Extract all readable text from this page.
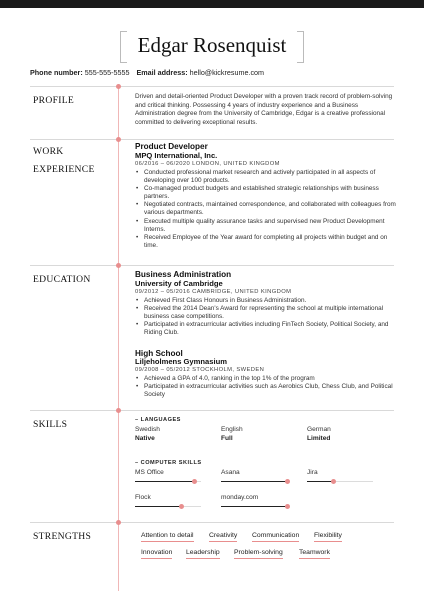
Edgar Rosenquist
Phone number: 555-555-5555 Email address: hello@kickresume.com
PROFILE	Driven and detail-oriented Product Developer with a proven track record of problem-solving and critical thinking. Possessing 4 years of industry experience and a Business Administration degree from the University of Cambridge, Edgar is a creative professional committed to delivering exceptional results.
WORK
EXPERIENCE
Product Developer
MPQ International, Inc.
06/2016 – 06/2020 LONDON, UNITED KINGDOM
• Conducted professional market research and actively participated in all aspects of developing over 100 products.
• Co-managed product budgets and established strategic relationships with business partners.
• Negotiated contracts, maintained correspondence, and collaborated with colleagues from various departments.
• Executed multiple quality assurance tasks and supervised new Product Development Interns.
• Received Employee of the Year award for completing all projects within budget and on time.
EDUCATION	Business Administration
University of Cambridge
09/2012 – 05/2016 CAMBRIDGE, UNITED KINGDOM
• Achieved First Class Honours in Business Administration.
• Received the 2014 Dean's Award for representing the school at multiple international business case competitions.
• Participated in extracurricular activities including FinTech Society, Political Society, and Riding Club.
High School
Liljeholmens Gymnasium
09/2008 – 05/2012 STOCKHOLM, SWEDEN
• Achieved a GPA of 4.0, ranking in the top 1% of the program
• Participated in extracurricular activities such as Aerobics Club, Chess Club, and Political Society
SKILLS	– LANGUAGES
Swedish
Native
English
Full
German
Limited
– COMPUTER SKILLS
MS Office	Asana	Jira
Flock	monday.com
STRENGTHS	Attention to detail Creativity Communication Flexibility
Innovation Leadership Problem-solving Teamwork
